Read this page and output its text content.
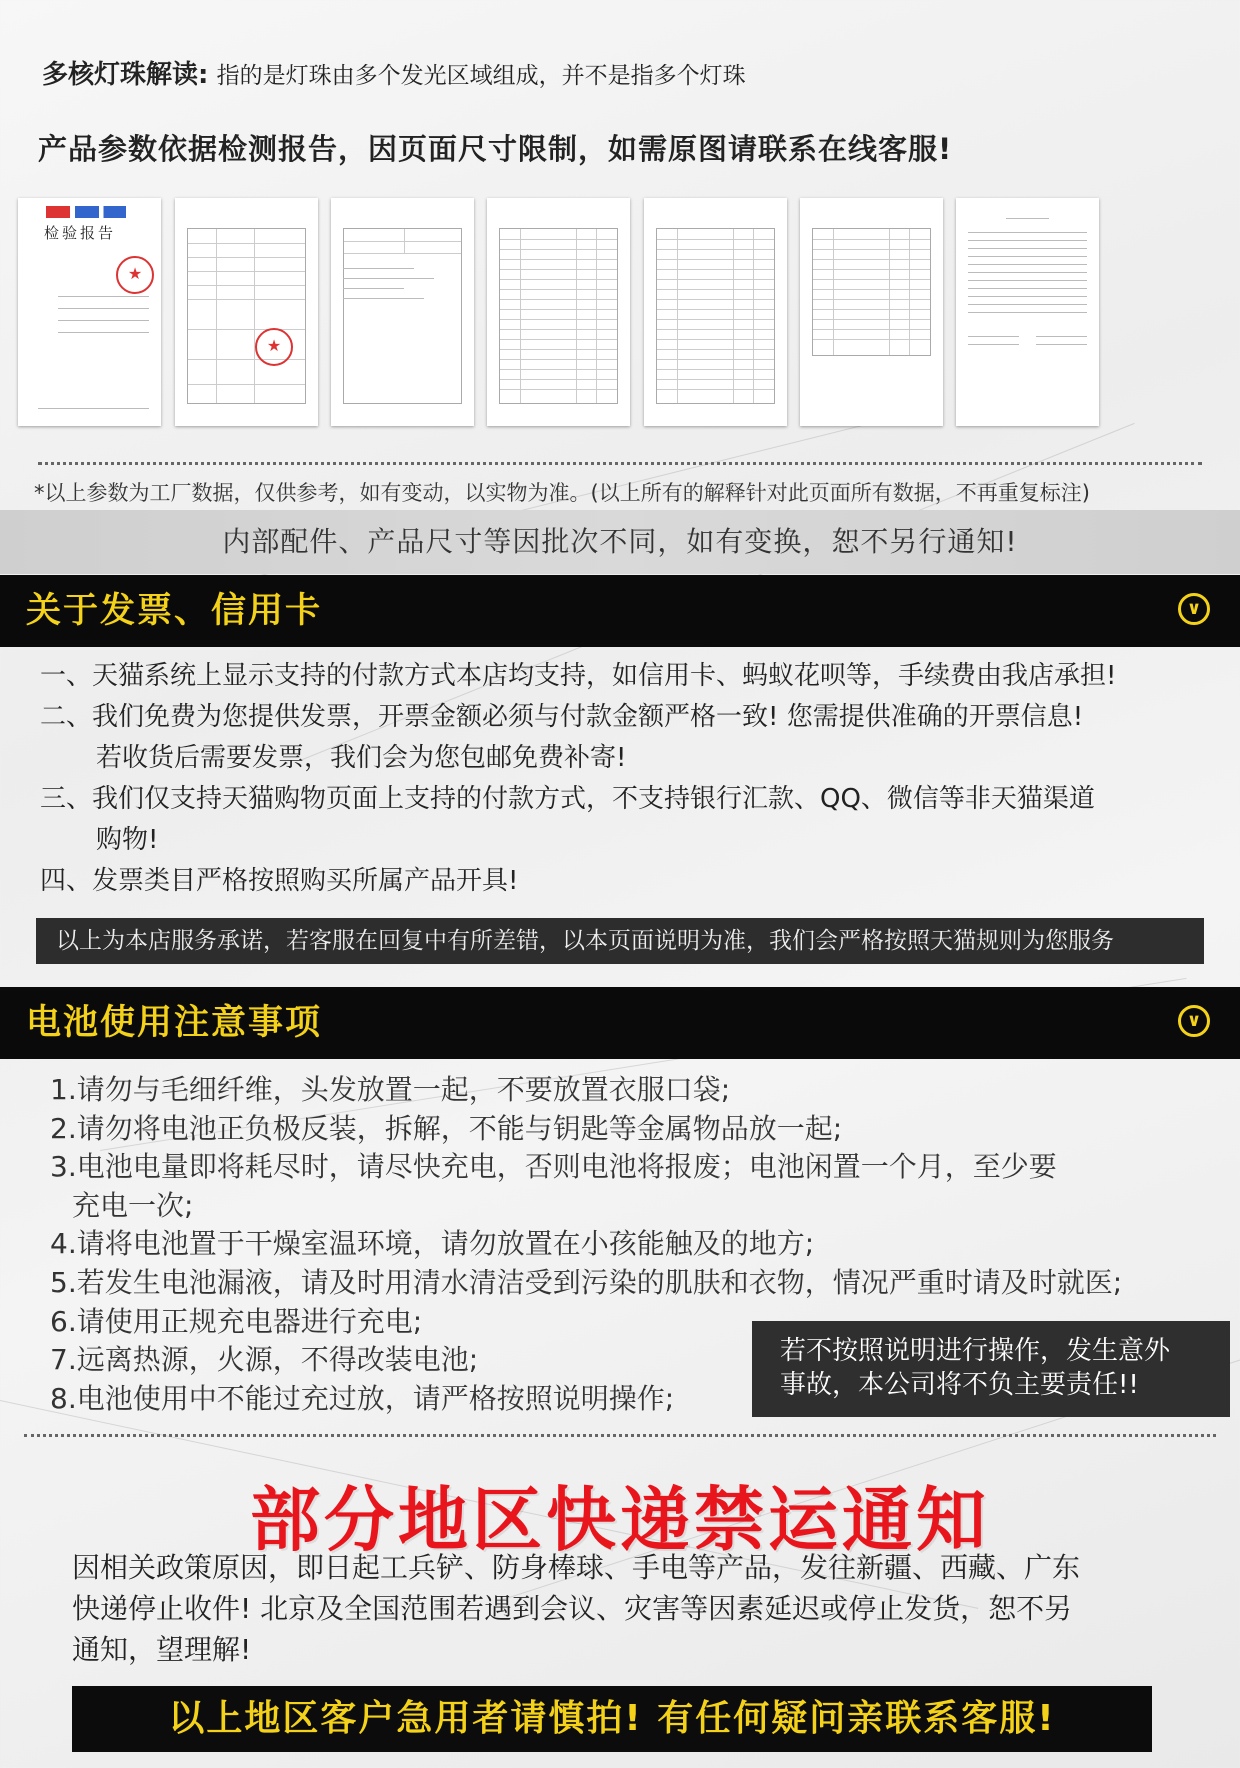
多核灯珠解读: 指的是灯珠由多个发光区域组成，并不是指多个灯珠
产品参数依据检测报告，因页面尺寸限制，如需原图请联系在线客服!
检验报告
★
★
*以上参数为工厂数据，仅供参考，如有变动，以实物为准。(以上所有的解释针对此页面所有数据，不再重复标注)
内部配件、产品尺寸等因批次不同，如有变换，恕不另行通知!
关于发票、信用卡	∨
一、天猫系统上显示支持的付款方式本店均支持，如信用卡、蚂蚁花呗等，手续费由我店承担!
二、我们免费为您提供发票，开票金额必须与付款金额严格一致! 您需提供准确的开票信息!
若收货后需要发票，我们会为您包邮免费补寄!
三、我们仅支持天猫购物页面上支持的付款方式，不支持银行汇款、QQ、微信等非天猫渠道
购物!
四、发票类目严格按照购买所属产品开具!
以上为本店服务承诺，若客服在回复中有所差错，以本页面说明为准，我们会严格按照天猫规则为您服务
电池使用注意事项	∨
1.请勿与毛细纤维，头发放置一起，不要放置衣服口袋;
2.请勿将电池正负极反装，拆解，不能与钥匙等金属物品放一起;
3.电池电量即将耗尽时，请尽快充电，否则电池将报废；电池闲置一个月，至少要
充电一次;
4.请将电池置于干燥室温环境，请勿放置在小孩能触及的地方;
5.若发生电池漏液，请及时用清水清洁受到污染的肌肤和衣物，情况严重时请及时就医;
6.请使用正规充电器进行充电;
7.远离热源，火源，不得改装电池;
8.电池使用中不能过充过放，请严格按照说明操作;
若不按照说明进行操作，发生意外
事故，本公司将不负主要责任!!
部分地区快递禁运通知
因相关政策原因，即日起工兵铲、防身棒球、手电等产品，发往新疆、西藏、广东
快递停止收件! 北京及全国范围若遇到会议、灾害等因素延迟或停止发货，恕不另
通知，望理解!
以上地区客户急用者请慎拍! 有任何疑问亲联系客服!
